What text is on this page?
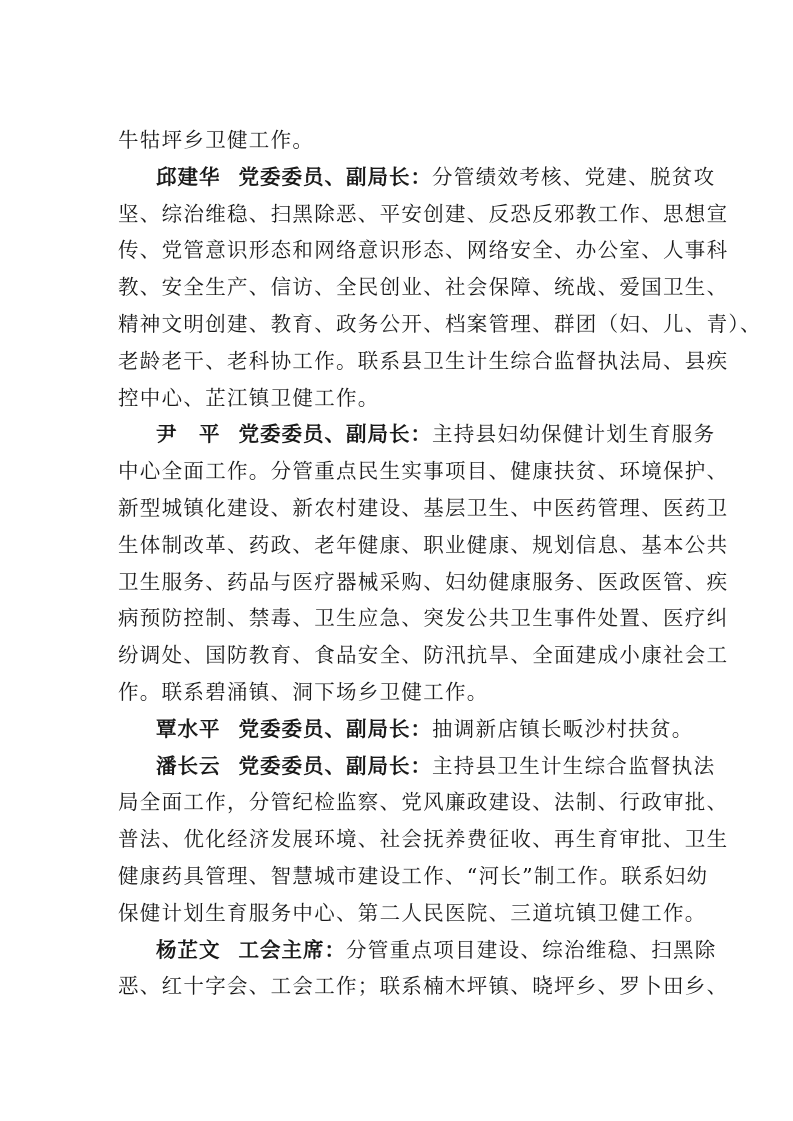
牛牯坪乡卫健工作。
邱建华 党委委员、副局长：分管绩效考核、党建、脱贫攻
坚、综治维稳、扫黑除恶、平安创建、反恐反邪教工作、思想宣
传、党管意识形态和网络意识形态、网络安全、办公室、人事科
教、安全生产、信访、全民创业、社会保障、统战、爱国卫生、
精神文明创建、教育、政务公开、档案管理、群团（妇、儿、青）、
老龄老干、老科协工作。联系县卫生计生综合监督执法局、县疾
控中心、芷江镇卫健工作。
尹　平 党委委员、副局长：主持县妇幼保健计划生育服务
中心全面工作。分管重点民生实事项目、健康扶贫、环境保护、
新型城镇化建设、新农村建设、基层卫生、中医药管理、医药卫
生体制改革、药政、老年健康、职业健康、规划信息、基本公共
卫生服务、药品与医疗器械采购、妇幼健康服务、医政医管、疾
病预防控制、禁毒、卫生应急、突发公共卫生事件处置、医疗纠
纷调处、国防教育、食品安全、防汛抗旱、全面建成小康社会工
作。联系碧涌镇、洞下场乡卫健工作。
覃水平 党委委员、副局长：抽调新店镇长畈沙村扶贫。
潘长云 党委委员、副局长：主持县卫生计生综合监督执法
局全面工作，分管纪检监察、党风廉政建设、法制、行政审批、
普法、优化经济发展环境、社会抚养费征收、再生育审批、卫生
健康药具管理、智慧城市建设工作、“河长”制工作。联系妇幼
保健计划生育服务中心、第二人民医院、三道坑镇卫健工作。
杨芷文 工会主席：分管重点项目建设、综治维稳、扫黑除
恶、红十字会、工会工作；联系楠木坪镇、晓坪乡、罗卜田乡、
